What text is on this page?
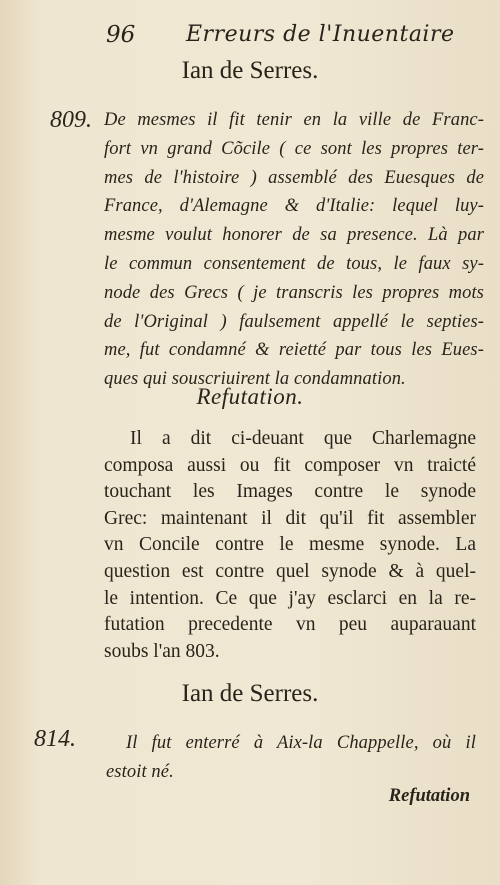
96 Erreurs de l'Inuentaire
Ian de Serres.
809. De mesmes il fit tenir en la ville de Franc-
fort vn grand Cõcile ( ce sont les propres ter-
mes de l'histoire ) assemblé des Euesques de
France, d'Alemagne & d'Italie: lequel luy-
mesme voulut honorer de sa presence. Là par
le commun consentement de tous, le faux sy-
node des Grecs ( je transcris les propres mots
de l'Original ) faulsement appellé le septies-
me, fut condamné & reietté par tous les Eues-
ques qui souscriuirent la condamnation.
Refutation.
Il a dit ci-deuant que Charlemagne
composa aussi ou fit composer vn traicté
touchant les Images contre le synode
Grec: maintenant il dit qu'il fit assembler
vn Concile contre le mesme synode. La
question est contre quel synode & à quel-
le intention. Ce que j'ay esclarci en la re-
futation precedente vn peu auparauant
soubs l'an 803.
Ian de Serres.
814.	Il fut enterré à Aix-la Chappelle, où il
estoit né.
Refutation
